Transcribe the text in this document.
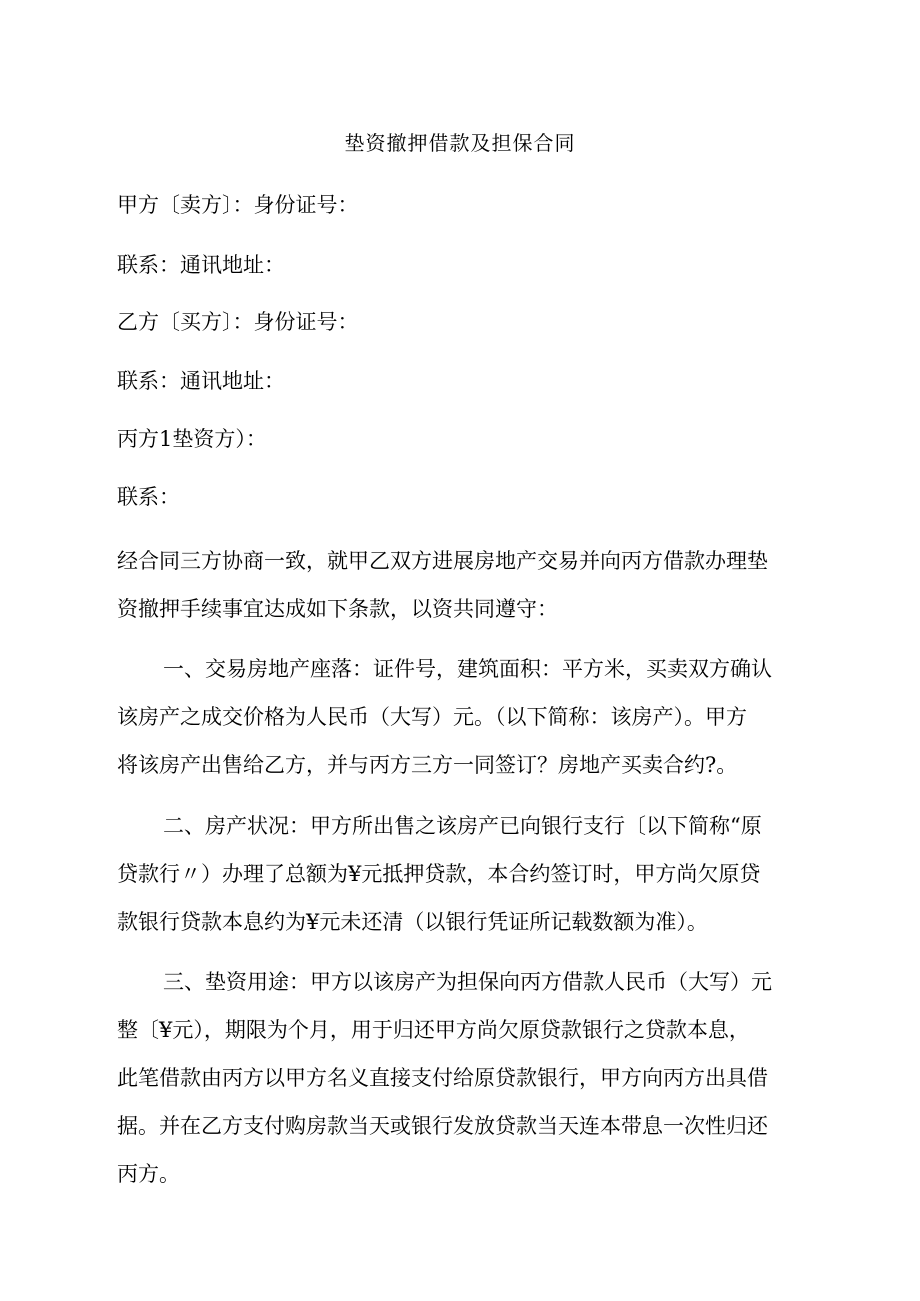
垫资撤押借款及担保合同
甲方〔卖方〕：身份证号：
联系：通讯地址：
乙方〔买方〕：身份证号：
联系：通讯地址：
丙方1垫资方）：
联系：

经合同三方协商一致，就甲乙双方进展房地产交易并向丙方借款办理垫

资撤押手续事宜达成如下条款，以资共同遵守：

一、交易房地产座落：证件号，建筑面积：平方米，买卖双方确认

该房产之成交价格为人民币（大写）元。（以下简称：该房产）。甲方

将该房产出售给乙方，并与丙方三方一同签订？房地产买卖合约?。

二、房产状况：甲方所出售之该房产已向银行支行〔以下简称“原

贷款行〃）办理了总额为¥元抵押贷款，本合约签订时，甲方尚欠原贷

款银行贷款本息约为¥元未还清（以银行凭证所记载数额为准）。

三、垫资用途：甲方以该房产为担保向丙方借款人民币（大写）元

整〔¥元），期限为个月，用于归还甲方尚欠原贷款银行之贷款本息，

此笔借款由丙方以甲方名义直接支付给原贷款银行，甲方向丙方出具借

据。并在乙方支付购房款当天或银行发放贷款当天连本带息一次性归还

丙方。
